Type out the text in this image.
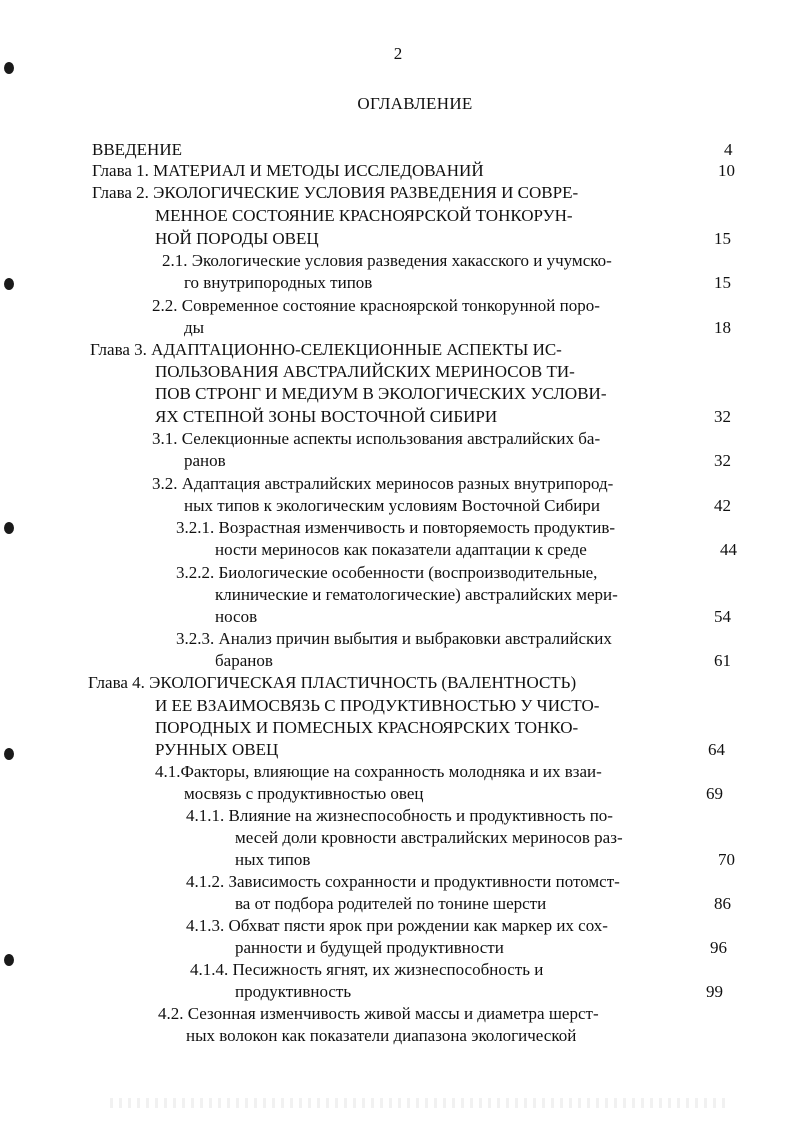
2
ОГЛАВЛЕНИЕ
ВВЕДЕНИЕ	4
Глава 1. МАТЕРИАЛ И МЕТОДЫ ИССЛЕДОВАНИЙ	10
Глава 2. ЭКОЛОГИЧЕСКИЕ УСЛОВИЯ РАЗВЕДЕНИЯ И СОВРЕ-
МЕННОЕ СОСТОЯНИЕ КРАСНОЯРСКОЙ ТОНКОРУН-
НОЙ ПОРОДЫ ОВЕЦ	15
2.1. Экологические условия разведения хакасского и учумско-
го внутрипородных типов	15
2.2. Современное состояние красноярской тонкорунной поро-
ды	18
Глава 3. АДАПТАЦИОННО-СЕЛЕКЦИОННЫЕ АСПЕКТЫ ИС-
ПОЛЬЗОВАНИЯ АВСТРАЛИЙСКИХ МЕРИНОСОВ ТИ-
ПОВ СТРОНГ И МЕДИУМ В ЭКОЛОГИЧЕСКИХ УСЛОВИ-
ЯХ СТЕПНОЙ ЗОНЫ ВОСТОЧНОЙ СИБИРИ	32
3.1. Селекционные аспекты использования австралийских ба-
ранов	32
3.2. Адаптация австралийских мериносов разных внутрипород-
ных типов к экологическим условиям Восточной Сибири	42
3.2.1. Возрастная изменчивость и повторяемость продуктив-
ности мериносов как показатели адаптации к среде	44
3.2.2. Биологические особенности (воспроизводительные,
клинические и гематологические) австралийских мери-
носов	54
3.2.3. Анализ причин выбытия и выбраковки австралийских
баранов	61
Глава 4. ЭКОЛОГИЧЕСКАЯ ПЛАСТИЧНОСТЬ (ВАЛЕНТНОСТЬ)
И ЕЕ ВЗАИМОСВЯЗЬ С ПРОДУКТИВНОСТЬЮ У ЧИСТО-
ПОРОДНЫХ И ПОМЕСНЫХ КРАСНОЯРСКИХ ТОНКО-
РУННЫХ ОВЕЦ	64
4.1.Факторы, влияющие на сохранность молодняка и их взаи-
мосвязь с продуктивностью овец	69
4.1.1. Влияние на жизнеспособность и продуктивность по-
месей доли кровности австралийских мериносов раз-
ных типов	70
4.1.2. Зависимость сохранности и продуктивности потомст-
ва от подбора родителей по тонине шерсти	86
4.1.3. Обхват пясти ярок при рождении как маркер их сох-
ранности и будущей продуктивности	96
4.1.4. Песижность ягнят, их жизнеспособность и
продуктивность	99
4.2. Сезонная изменчивость живой массы и диаметра шерст-
ных волокон как показатели диапазона экологической
